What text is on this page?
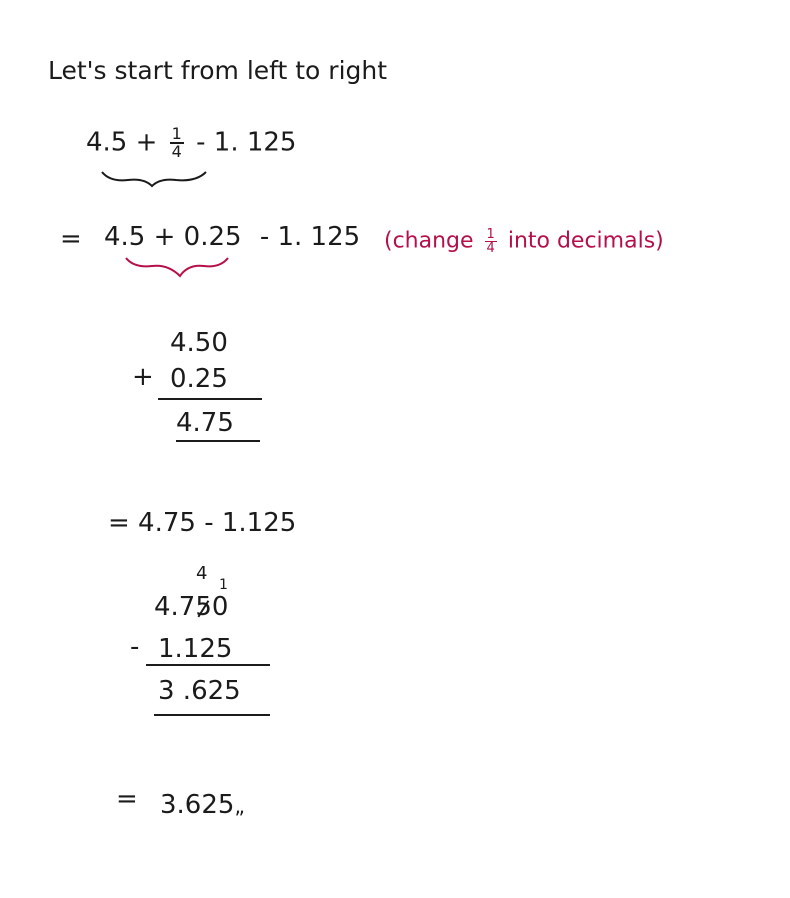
Let's start from left to right
$4.5 + \frac{1}{4} - 1$. 125
= 4.5 + 0.25 - 1. 125 (change $\frac{1}{4}$ into decimals)
4.50
+ 0.25
4.75
= 4.75 - 1.125
4
1
4.750
- 1.125
3 .625
= 3.625„
